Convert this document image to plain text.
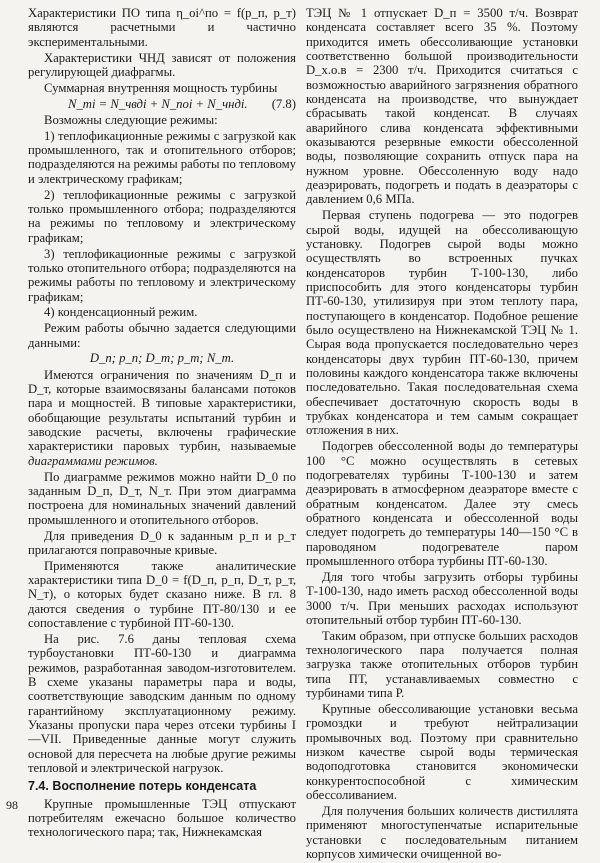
Характеристики ПО типа η_oi^по = f(p_п, p_т) являются расчетными и частично экспериментальными.

Характеристики ЧНД зависят от положения регулирующей диафрагмы.

Суммарная внутренняя мощность турбины

N_тi = N_чвдi + N_поi + N_чндi. (7.8)

Возможны следующие режимы:

1) теплофикационные режимы с загрузкой как промышленного, так и отопительного отборов; подразделяются на режимы работы по тепловому и электрическому графикам;

2) теплофикационные режимы с загрузкой только промышленного отбора; подразделяются на режимы по тепловому и электрическому графикам;

3) теплофикационные режимы с загрузкой только отопительного отбора; подразделяются на режимы работы по тепловому и электрическому графикам;

4) конденсационный режим.

Режим работы обычно задается следующими данными:

D_п; p_п; D_т; p_т; N_т.

Имеются ограничения по значениям D_п и D_т, которые взаимосвязаны балансами потоков пара и мощностей. В типовые характеристики, обобщающие результаты испытаний турбин и заводские расчеты, включены графические характеристики паровых турбин, называемые диаграммами режимов.

По диаграмме режимов можно найти D_0 по заданным D_п, D_т, N_т. При этом диаграмма построена для номинальных значений давлений промышленного и отопительного отборов.

Для приведения D_0 к заданным p_п и p_т прилагаются поправочные кривые.

Применяются также аналитические характеристики типа D_0 = f(D_п, p_п, D_т, p_т, N_т), о которых будет сказано ниже. В гл. 8 даются сведения о турбине ПТ-80/130 и ее сопоставление с турбиной ПТ-60-130.

На рис. 7.6 даны тепловая схема турбоустановки ПТ-60-130 и диаграмма режимов, разработанная заводом-изготовителем. В схеме указаны параметры пара и воды, соответствующие заводским данным по одному гарантийному эксплуатационному режиму. Указаны пропуски пара через отсеки турбины I—VII. Приведенные данные могут служить основой для пересчета на любые другие режимы тепловой и электрической нагрузок.

7.4. Восполнение потерь конденсата

Крупные промышленные ТЭЦ отпускают потребителям ежечасно большое количество технологического пара; так, Нижнекамская

ТЭЦ № 1 отпускает D_п = 3500 т/ч. Возврат конденсата составляет всего 35 %. Поэтому приходится иметь обессоливающие установки соответственно большой производительности D_х.о.в = 2300 т/ч. Приходится считаться с возможностью аварийного загрязнения обратного конденсата на производстве, что вынуждает сбрасывать такой конденсат. В случаях аварийного слива конденсата эффективными оказываются резервные емкости обессоленной воды, позволяющие сохранить отпуск пара на нужном уровне. Обессоленную воду надо деаэрировать, подогреть и подать в деаэраторы с давлением 0,6 МПа.

Первая ступень подогрева — это подогрев сырой воды, идущей на обессоливающую установку. Подогрев сырой воды можно осуществлять во встроенных пучках конденсаторов турбин Т-100-130, либо приспособить для этого конденсаторы турбин ПТ-60-130, утилизируя при этом теплоту пара, поступающего в конденсатор. Подобное решение было осуществлено на Нижнекамской ТЭЦ № 1. Сырая вода пропускается последовательно через конденсаторы двух турбин ПТ-60-130, причем половины каждого конденсатора также включены последовательно. Такая последовательная схема обеспечивает достаточную скорость воды в трубках конденсатора и тем самым сокращает отложения в них.

Подогрев обессоленной воды до температуры 100 °С можно осуществлять в сетевых подогревателях турбины Т-100-130 и затем деаэрировать в атмосферном деаэраторе вместе с обратным конденсатом. Далее эту смесь обратного конденсата и обессоленной воды следует подогреть до температуры 140—150 °С в пароводяном подогревателе паром промышленного отбора турбины ПТ-60-130.

Для того чтобы загрузить отборы турбины Т-100-130, надо иметь расход обессоленной воды 3000 т/ч. При меньших расходах используют отопительный отбор турбин ПТ-60-130.

Таким образом, при отпуске больших расходов технологического пара получается полная загрузка также отопительных отборов турбин типа ПТ, устанавливаемых совместно с турбинами типа Р.

Крупные обессоливающие установки весьма громоздки и требуют нейтрализации промывочных вод. Поэтому при сравнительно низком качестве сырой воды термическая водоподготовка становится экономически конкурентоспособной с химическим обессоливанием.

Для получения больших количеств дистиллята применяют многоступенчатые испарительные установки с последовательным питанием корпусов химически очищенной во-

98
